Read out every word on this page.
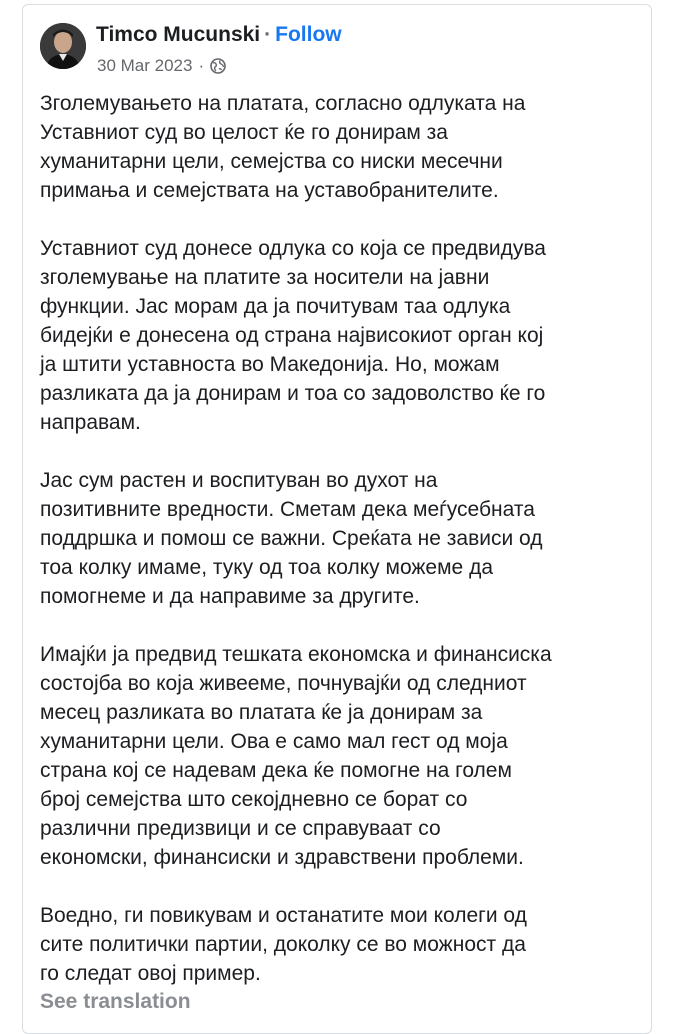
Timco Mucunski · Follow
30 Mar 2023 ·

Зголемувањето на платата, согласно одлуката на
Уставниот суд во целост ќе го донирам за
хуманитарни цели, семејства со ниски месечни
примања и семејствата на уставобранителите.

Уставниот суд донесе одлука со која се предвидува
зголемување на платите за носители на јавни
функции. Јас морам да ја почитувам таа одлука
бидејќи е донесена од страна највисокиот орган кој
ја штити уставноста во Македонија. Но, можам
разликата да ја донирам и тоа со задоволство ќе го
направам.

Јас сум растен и воспитуван во духот на
позитивните вредности. Сметам дека меѓусебната
поддршка и помош се важни. Среќата не зависи од
тоа колку имаме, туку од тоа колку можеме да
помогнеме и да направиме за другите.

Имајќи ја предвид тешката економска и финансиска
состојба во која живееме, почнувајќи од следниот
месец разликата во платата ќе ја донирам за
хуманитарни цели. Ова е само мал гест од моја
страна кој се надевам дека ќе помогне на голем
број семејства што секојдневно се борат со
различни предизвици и се справуваат со
економски, финансиски и здравствени проблеми.

Воедно, ги повикувам и останатите мои колеги од
сите политички партии, доколку се во можност да
го следат овој пример.

See translation
